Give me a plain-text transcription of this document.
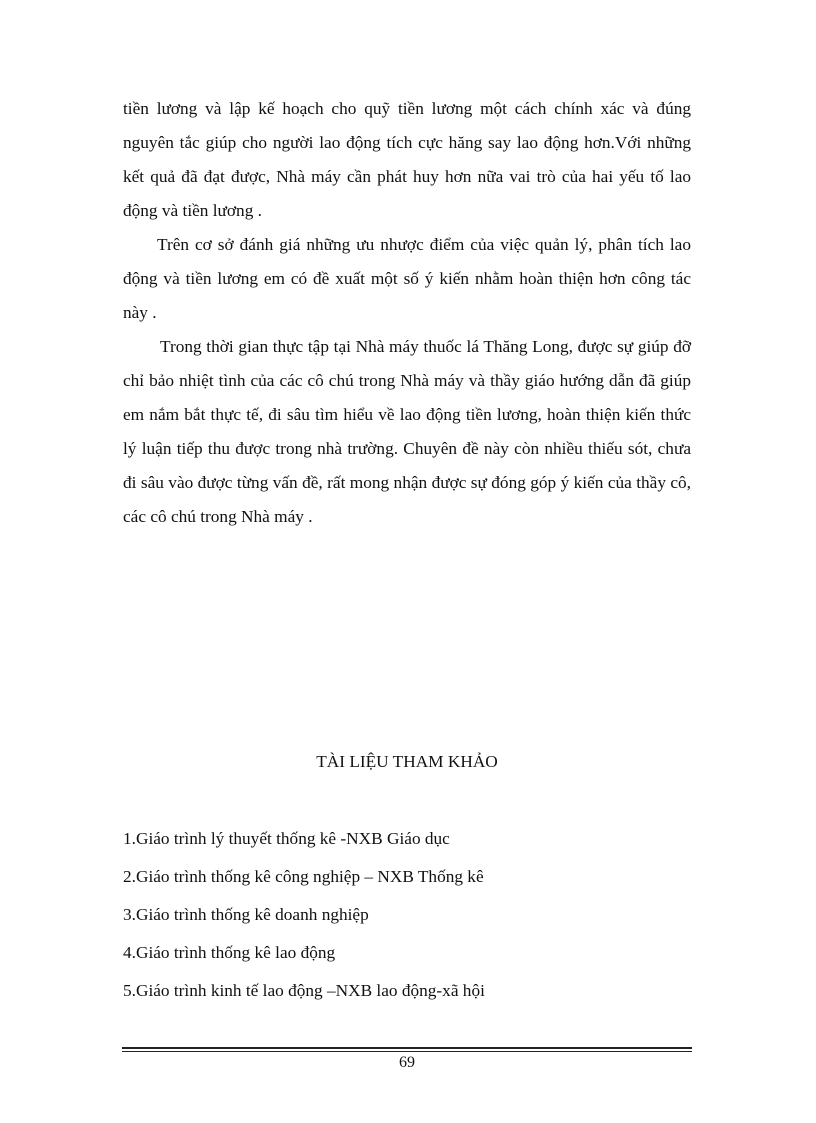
tiền lương và lập kế hoạch cho quỹ tiền lương một cách chính xác và đúng nguyên tắc giúp cho người lao động tích cực hăng say lao động hơn.Với những kết quả đã đạt được, Nhà máy cần phát huy hơn nữa vai trò của hai yếu tố lao động và tiền lương .

Trên cơ sở đánh giá những ưu nhược điểm của việc quản lý, phân tích lao động và tiền lương em có đề xuất một số ý kiến nhằm hoàn thiện hơn công tác này .

Trong thời gian thực tập tại Nhà máy thuốc lá Thăng Long, được sự giúp đỡ chỉ bảo nhiệt tình của các cô chú trong Nhà máy và thầy giáo hướng dẫn đã giúp em nắm bắt thực tế, đi sâu tìm hiểu về lao động tiền lương, hoàn thiện kiến thức lý luận tiếp thu được trong nhà trường. Chuyên đề này còn nhiều thiếu sót, chưa đi sâu vào được từng vấn đề, rất mong nhận được sự đóng góp ý kiến của thầy cô, các cô chú trong Nhà máy .

TÀI LIỆU THAM KHẢO
1.Giáo trình lý thuyết thống kê -NXB Giáo dục
2.Giáo trình thống kê công nghiệp – NXB Thống kê
3.Giáo trình thống kê doanh nghiệp
4.Giáo trình thống kê lao động
5.Giáo trình kinh tế lao động –NXB lao động-xã hội
69
